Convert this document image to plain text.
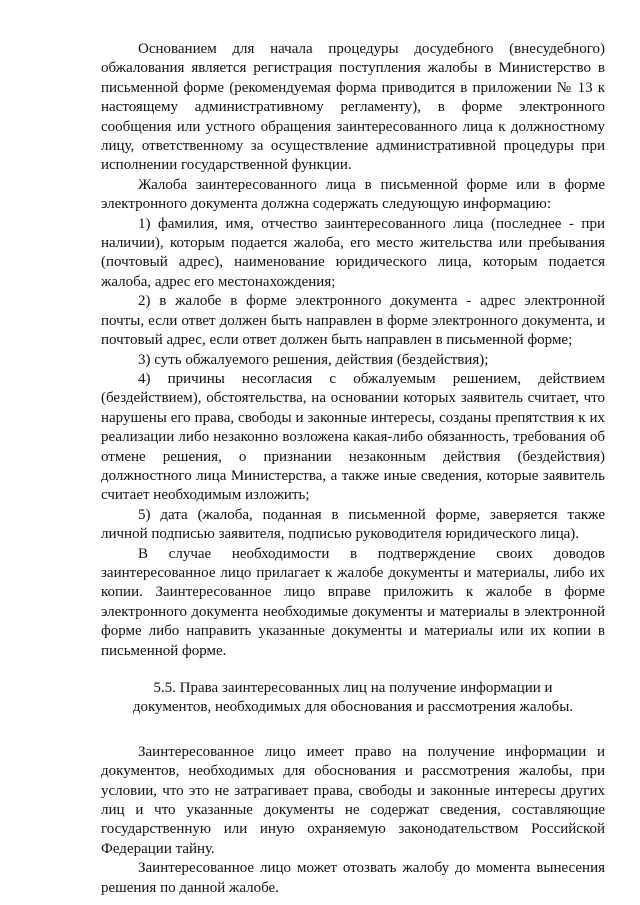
Основанием для начала процедуры досудебного (внесудебного) обжалования является регистрация поступления жалобы в Министерство в письменной форме (рекомендуемая форма приводится в приложении № 13 к настоящему административному регламенту), в форме электронного сообщения или устного обращения заинтересованного лица к должностному лицу, ответственному за осуществление административной процедуры при исполнении государственной функции.

Жалоба заинтересованного лица в письменной форме или в форме электронного документа должна содержать следующую информацию:

1) фамилия, имя, отчество заинтересованного лица (последнее - при наличии), которым подается жалоба, его место жительства или пребывания (почтовый адрес), наименование юридического лица, которым подается жалоба, адрес его местонахождения;

2) в жалобе в форме электронного документа - адрес электронной почты, если ответ должен быть направлен в форме электронного документа, и почтовый адрес, если ответ должен быть направлен в письменной форме;

3) суть обжалуемого решения, действия (бездействия);

4) причины несогласия с обжалуемым решением, действием (бездействием), обстоятельства, на основании которых заявитель считает, что нарушены его права, свободы и законные интересы, созданы препятствия к их реализации либо незаконно возложена какая-либо обязанность, требования об отмене решения, о признании незаконным действия (бездействия) должностного лица Министерства, а также иные сведения, которые заявитель считает необходимым изложить;

5) дата (жалоба, поданная в письменной форме, заверяется также личной подписью заявителя, подписью руководителя юридического лица).

В случае необходимости в подтверждение своих доводов заинтересованное лицо прилагает к жалобе документы и материалы, либо их копии. Заинтересованное лицо вправе приложить к жалобе в форме электронного документа необходимые документы и материалы в электронной форме либо направить указанные документы и материалы или их копии в письменной форме.

5.5. Права заинтересованных лиц на получение информации и
документов, необходимых для обоснования и рассмотрения жалобы.

Заинтересованное лицо имеет право на получение информации и документов, необходимых для обоснования и рассмотрения жалобы, при условии, что это не затрагивает права, свободы и законные интересы других лиц и что указанные документы не содержат сведения, составляющие государственную или иную охраняемую законодательством Российской Федерации тайну.

Заинтересованное лицо может отозвать жалобу до момента вынесения решения по данной жалобе.
